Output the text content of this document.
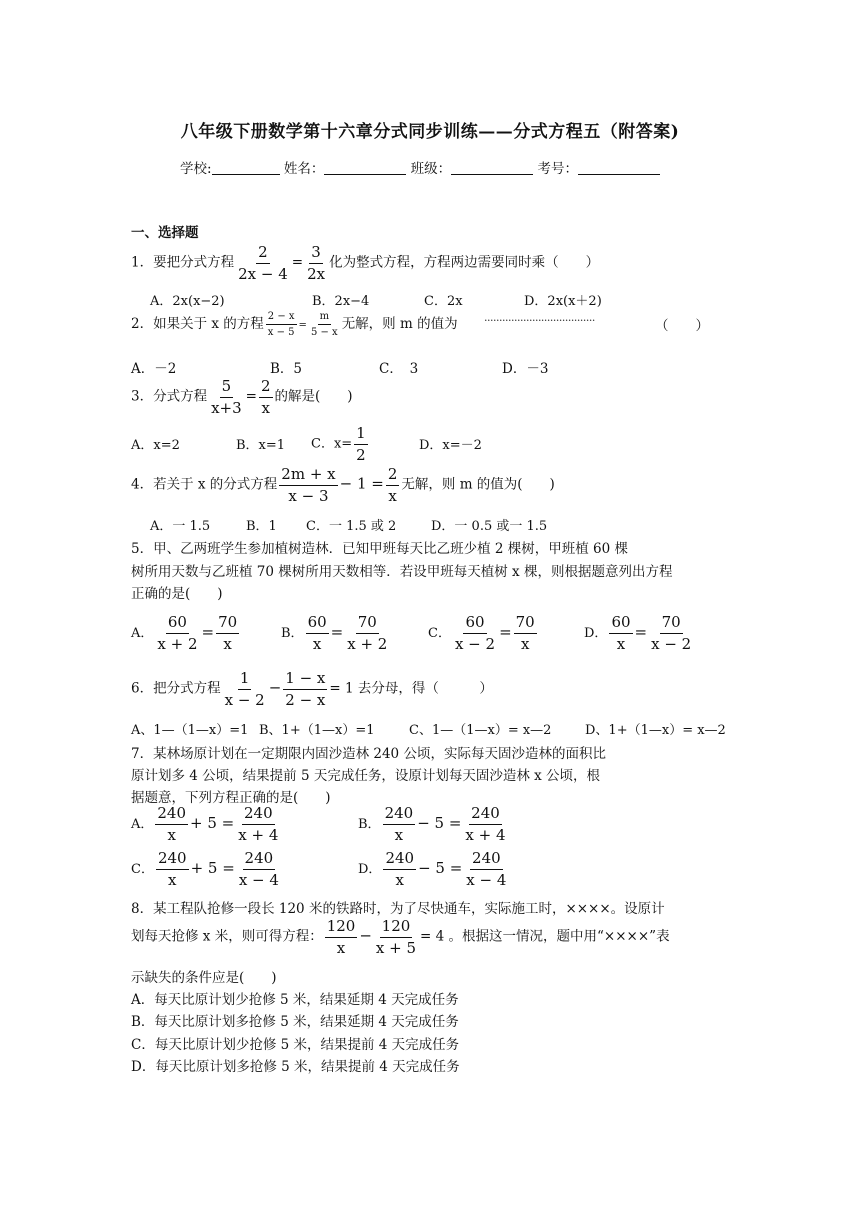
八年级下册数学第十六章分式同步训练——分式方程五（附答案)
学校:	姓名：	班级：	考号：
一、选择题
1．要把分式方程 $\frac{2}{2x - 4} = \frac{3}{2x}$ 化为整式方程，方程两边需要同时乘（　　）
A．2x(x−2)	B．2x−4	C．2x	D．2x(x＋2)
2．如果关于 x 的方程 $\frac{2 - x}{x - 5} = \frac{m}{5 - x}$ 无解，则 m 的值为 ·····································	（　　）
A．－2	B．5	C．　3	D．－3
3．分式方程 $\frac{5}{x+3} = \frac{2}{x}$ 的解是(　　)
A．x=2	B．x=1 C．$x= \frac{1}{2}$	D．x=－2
4．若关于 x 的分式方程 $\frac{2m + x}{x - 3} - 1 = \frac{2}{x}$ 无解，则 m 的值为(　　)
A．一 1.5	B．1 C．一 1.5 或 2	D．一 0.5 或一 1.5
5．甲、乙两班学生参加植树造林．已知甲班每天比乙班少植 2 棵树，甲班植 60 棵
树所用天数与乙班植 70 棵树所用天数相等．若设甲班每天植树 x 棵，则根据题意列出方程
正确的是(　　)
A． $\frac{60}{x + 2} = \frac{70}{x}$	B． $\frac{60}{x} = \frac{70}{x + 2}$	C． $\frac{60}{x - 2} = \frac{70}{x}$	D． $\frac{60}{x} = \frac{70}{x - 2}$
6．把分式方程 $\frac{1}{x - 2} - \frac{1 - x}{2 - x} = 1$ 去分母，得（　　　）
A、1—（1—x）=1 B、1+（1—x）=1	C、1—（1—x）= x—2	D、1+（1—x）= x—2
7．某林场原计划在一定期限内固沙造林 240 公顷，实际每天固沙造林的面积比
原计划多 4 公顷，结果提前 5 天完成任务，设原计划每天固沙造林 x 公顷，根
据题意，下列方程正确的是(　　)
A． $\frac{240}{x} + 5 = \frac{240}{x + 4}$	B． $\frac{240}{x} - 5 = \frac{240}{x + 4}$
C． $\frac{240}{x} + 5 = \frac{240}{x - 4}$	D． $\frac{240}{x} - 5 = \frac{240}{x - 4}$
8．某工程队抢修一段长 120 米的铁路时，为了尽快通车，实际施工时，××××。设原计
划每天抢修 x 米，则可得方程： $\frac{120}{x} - \frac{120}{x + 5} = 4$ 。根据这一情况，题中用“××××”表
示缺失的条件应是(　　)
A．每天比原计划少抢修 5 米，结果延期 4 天完成任务
B．每天比原计划多抢修 5 米，结果延期 4 天完成任务
C．每天比原计划少抢修 5 米，结果提前 4 天完成任务
D．每天比原计划多抢修 5 米，结果提前 4 天完成任务
